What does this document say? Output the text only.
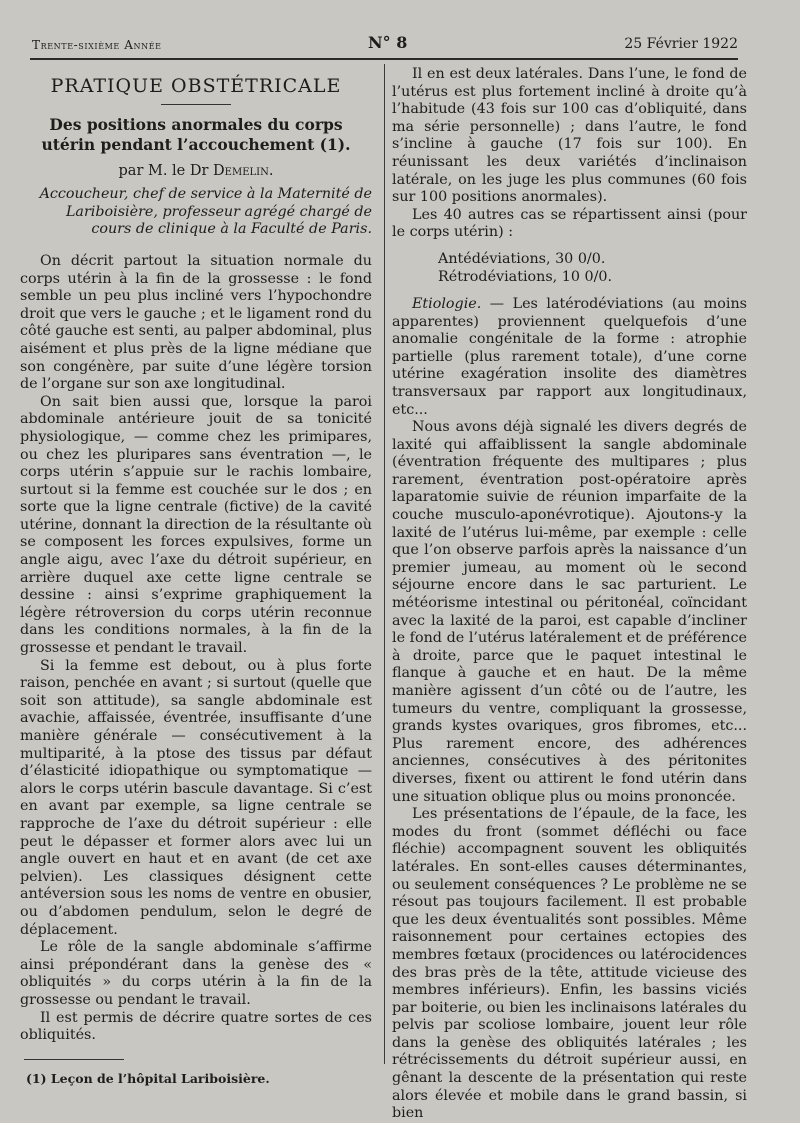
Trente-sixième Année	N° 8	25 Février 1922
PRATIQUE OBSTÉTRICALE
Des positions anormales du corps utérin pendant l’accouchement (1).
par M. le Dr Demelin.
Accoucheur, chef de service à la Maternité de Lariboisière, professeur agrégé chargé de cours de clinique à la Faculté de Paris.

On décrit partout la situation normale du corps utérin à la fin de la grossesse : le fond semble un peu plus incliné vers l’hypochondre droit que vers le gauche ; et le ligament rond du côté gauche est senti, au palper abdominal, plus aisément et plus près de la ligne médiane que son congénère, par suite d’une légère torsion de l’organe sur son axe longitudinal.

On sait bien aussi que, lorsque la paroi abdominale antérieure jouit de sa tonicité physiologique, — comme chez les primipares, ou chez les pluripares sans éventration —, le corps utérin s’appuie sur le rachis lombaire, surtout si la femme est couchée sur le dos ; en sorte que la ligne centrale (fictive) de la cavité utérine, donnant la direction de la résultante où se composent les forces expulsives, forme un angle aigu, avec l’axe du détroit supérieur, en arrière duquel axe cette ligne centrale se dessine : ainsi s’exprime graphiquement la légère rétroversion du corps utérin reconnue dans les conditions normales, à la fin de la grossesse et pendant le travail.

Si la femme est debout, ou à plus forte raison, penchée en avant ; si surtout (quelle que soit son attitude), sa sangle abdominale est avachie, affaissée, éventrée, insuffisante d’une manière générale — consécutivement à la multiparité, à la ptose des tissus par défaut d’élasticité idiopathique ou symptomatique — alors le corps utérin bascule davantage. Si c’est en avant par exemple, sa ligne centrale se rapproche de l’axe du détroit supérieur : elle peut le dépasser et former alors avec lui un angle ouvert en haut et en avant (de cet axe pelvien). Les classiques désignent cette antéversion sous les noms de ventre en obusier, ou d’abdomen pendulum, selon le degré de déplacement.

Le rôle de la sangle abdominale s’affirme ainsi prépondérant dans la genèse des « obliquités » du corps utérin à la fin de la grossesse ou pendant le travail.

Il est permis de décrire quatre sortes de ces obliquités.

(1) Leçon de l’hôpital Lariboisière.

Il en est deux latérales. Dans l’une, le fond de l’utérus est plus fortement incliné à droite qu’à l’habitude (43 fois sur 100 cas d’obliquité, dans ma série personnelle) ; dans l’autre, le fond s’incline à gauche (17 fois sur 100). En réunissant les deux variétés d’inclinaison latérale, on les juge les plus communes (60 fois sur 100 positions anormales).

Les 40 autres cas se répartissent ainsi (pour le corps utérin) :

Antédéviations, 30 0/0.
Rétrodéviations, 10 0/0.

Etiologie. — Les latérodéviations (au moins apparentes) proviennent quelquefois d’une anomalie congénitale de la forme : atrophie partielle (plus rarement totale), d’une corne utérine exagération insolite des diamètres transversaux par rapport aux longitudinaux, etc...

Nous avons déjà signalé les divers degrés de laxité qui affaiblissent la sangle abdominale (éventration fréquente des multipares ; plus rarement, éventration post-opératoire après laparatomie suivie de réunion imparfaite de la couche musculo-aponévrotique). Ajoutons-y la laxité de l’utérus lui-même, par exemple : celle que l’on observe parfois après la naissance d’un premier jumeau, au moment où le second séjourne encore dans le sac parturient. Le météorisme intestinal ou péritonéal, coïncidant avec la laxité de la paroi, est capable d’incliner le fond de l’utérus latéralement et de préférence à droite, parce que le paquet intestinal le flanque à gauche et en haut. De la même manière agissent d’un côté ou de l’autre, les tumeurs du ventre, compliquant la grossesse, grands kystes ovariques, gros fibromes, etc... Plus rarement encore, des adhérences anciennes, consécutives à des péritonites diverses, fixent ou attirent le fond utérin dans une situation oblique plus ou moins prononcée.

Les présentations de l’épaule, de la face, les modes du front (sommet défléchi ou face fléchie) accompagnent souvent les obliquités latérales. En sont-elles causes déterminantes, ou seulement conséquences ? Le problème ne se résout pas toujours facilement. Il est probable que les deux éventualités sont possibles. Même raisonnement pour certaines ectopies des membres fœtaux (procidences ou latérocidences des bras près de la tête, attitude vicieuse des membres inférieurs). Enfin, les bassins viciés par boiterie, ou bien les inclinaisons latérales du pelvis par scoliose lombaire, jouent leur rôle dans la genèse des obliquités latérales ; les rétrécissements du détroit supérieur aussi, en gênant la descente de la présentation qui reste alors élevée et mobile dans le grand bassin, si bien
